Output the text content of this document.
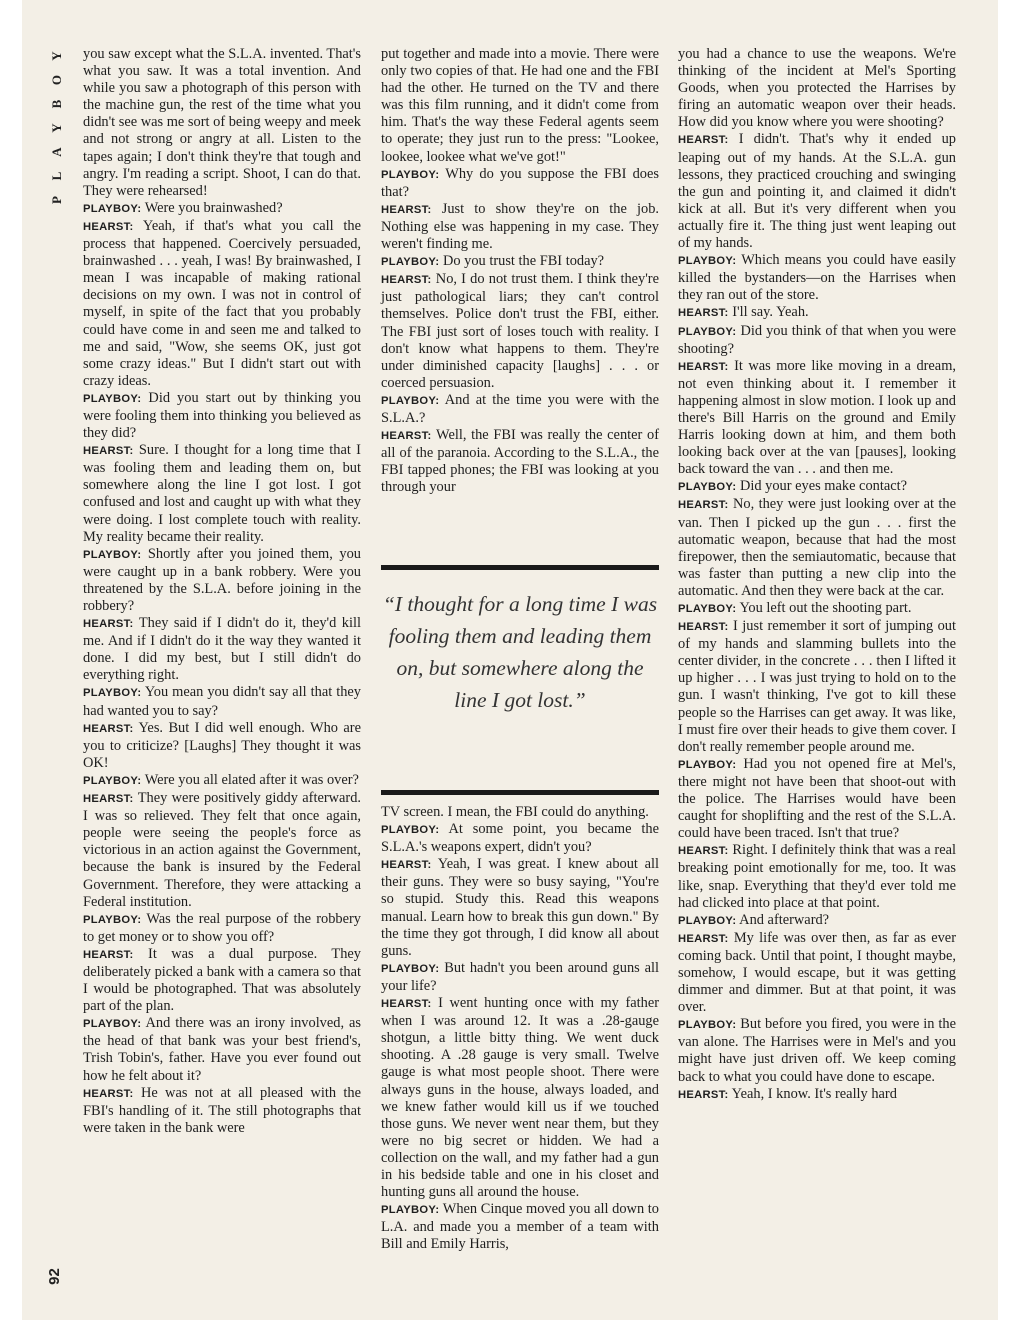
Y
O
B
Y
A
L
P

you saw except what the S.L.A. invented. That's what you saw. It was a total invention. And while you saw a photograph of this person with the machine gun, the rest of the time what you didn't see was me sort of being weepy and meek and not strong or angry at all. Listen to the tapes again; I don't think they're that tough and angry. I'm reading a script. Shoot, I can do that. They were rehearsed!

PLAYBOY: Were you brainwashed?

HEARST: Yeah, if that's what you call the process that happened. Coercively persuaded, brainwashed . . . yeah, I was! By brainwashed, I mean I was incapable of making rational decisions on my own. I was not in control of myself, in spite of the fact that you probably could have come in and seen me and talked to me and said, "Wow, she seems OK, just got some crazy ideas." But I didn't start out with crazy ideas.

PLAYBOY: Did you start out by thinking you were fooling them into thinking you believed as they did?

HEARST: Sure. I thought for a long time that I was fooling them and leading them on, but somewhere along the line I got lost. I got confused and lost and caught up with what they were doing. I lost complete touch with reality. My reality became their reality.

PLAYBOY: Shortly after you joined them, you were caught up in a bank robbery. Were you threatened by the S.L.A. before joining in the robbery?

HEARST: They said if I didn't do it, they'd kill me. And if I didn't do it the way they wanted it done. I did my best, but I still didn't do everything right.

PLAYBOY: You mean you didn't say all that they had wanted you to say?

HEARST: Yes. But I did well enough. Who are you to criticize? [Laughs] They thought it was OK!

PLAYBOY: Were you all elated after it was over?

HEARST: They were positively giddy afterward. I was so relieved. They felt that once again, people were seeing the people's force as victorious in an action against the Government, because the bank is insured by the Federal Government. Therefore, they were attacking a Federal institution.

PLAYBOY: Was the real purpose of the robbery to get money or to show you off?

HEARST: It was a dual purpose. They deliberately picked a bank with a camera so that I would be photographed. That was absolutely part of the plan.

PLAYBOY: And there was an irony involved, as the head of that bank was your best friend's, Trish Tobin's, father. Have you ever found out how he felt about it?

HEARST: He was not at all pleased with the FBI's handling of it. The still photographs that were taken in the bank were

put together and made into a movie. There were only two copies of that. He had one and the FBI had the other. He turned on the TV and there was this film running, and it didn't come from him. That's the way these Federal agents seem to operate; they just run to the press: "Lookee, lookee, lookee what we've got!"

PLAYBOY: Why do you suppose the FBI does that?

HEARST: Just to show they're on the job. Nothing else was happening in my case. They weren't finding me.

PLAYBOY: Do you trust the FBI today?

HEARST: No, I do not trust them. I think they're just pathological liars; they can't control themselves. Police don't trust the FBI, either. The FBI just sort of loses touch with reality. I don't know what happens to them. They're under diminished capacity [laughs] . . . or coerced persuasion.

PLAYBOY: And at the time you were with the S.L.A.?

HEARST: Well, the FBI was really the center of all of the paranoia. According to the S.L.A., the FBI tapped phones; the FBI was looking at you through your

“I thought for a long time I was fooling them and leading them on, but somewhere along the line I got lost.”

TV screen. I mean, the FBI could do anything.

PLAYBOY: At some point, you became the S.L.A.'s weapons expert, didn't you?

HEARST: Yeah, I was great. I knew about all their guns. They were so busy saying, "You're so stupid. Study this. Read this weapons manual. Learn how to break this gun down." By the time they got through, I did know all about guns.

PLAYBOY: But hadn't you been around guns all your life?

HEARST: I went hunting once with my father when I was around 12. It was a .28-gauge shotgun, a little bitty thing. We went duck shooting. A .28 gauge is very small. Twelve gauge is what most people shoot. There were always guns in the house, always loaded, and we knew father would kill us if we touched those guns. We never went near them, but they were no big secret or hidden. We had a collection on the wall, and my father had a gun in his bedside table and one in his closet and hunting guns all around the house.

PLAYBOY: When Cinque moved you all down to L.A. and made you a member of a team with Bill and Emily Harris,

you had a chance to use the weapons. We're thinking of the incident at Mel's Sporting Goods, when you protected the Harrises by firing an automatic weapon over their heads. How did you know where you were shooting?

HEARST: I didn't. That's why it ended up leaping out of my hands. At the S.L.A. gun lessons, they practiced crouching and swinging the gun and pointing it, and claimed it didn't kick at all. But it's very different when you actually fire it. The thing just went leaping out of my hands.

PLAYBOY: Which means you could have easily killed the bystanders—on the Harrises when they ran out of the store.

HEARST: I'll say. Yeah.

PLAYBOY: Did you think of that when you were shooting?

HEARST: It was more like moving in a dream, not even thinking about it. I remember it happening almost in slow motion. I look up and there's Bill Harris on the ground and Emily Harris looking down at him, and them both looking back over at the van [pauses], looking back toward the van . . . and then me.

PLAYBOY: Did your eyes make contact?

HEARST: No, they were just looking over at the van. Then I picked up the gun . . . first the automatic weapon, because that had the most firepower, then the semiautomatic, because that was faster than putting a new clip into the automatic. And then they were back at the car.

PLAYBOY: You left out the shooting part.

HEARST: I just remember it sort of jumping out of my hands and slamming bullets into the center divider, in the concrete . . . then I lifted it up higher . . . I was just trying to hold on to the gun. I wasn't thinking, I've got to kill these people so the Harrises can get away. It was like, I must fire over their heads to give them cover. I don't really remember people around me.

PLAYBOY: Had you not opened fire at Mel's, there might not have been that shoot-out with the police. The Harrises would have been caught for shoplifting and the rest of the S.L.A. could have been traced. Isn't that true?

HEARST: Right. I definitely think that was a real breaking point emotionally for me, too. It was like, snap. Everything that they'd ever told me had clicked into place at that point.

PLAYBOY: And afterward?

HEARST: My life was over then, as far as ever coming back. Until that point, I thought maybe, somehow, I would escape, but it was getting dimmer and dimmer. But at that point, it was over.

PLAYBOY: But before you fired, you were in the van alone. The Harrises were in Mel's and you might have just driven off. We keep coming back to what you could have done to escape.

HEARST: Yeah, I know. It's really hard

92
